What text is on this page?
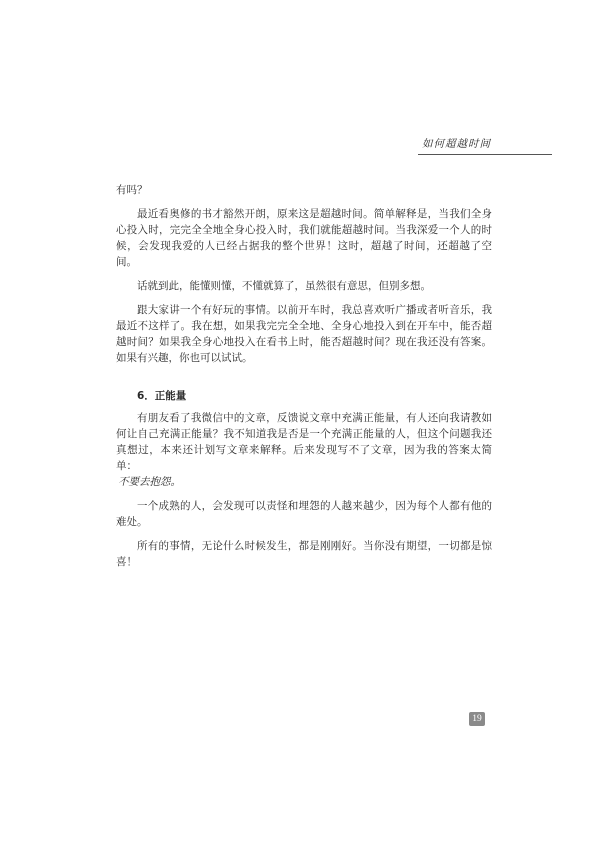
如何超越时间

有吗？

最近看奥修的书才豁然开朗，原来这是超越时间。简单解释是，当我们全身心投入时，完完全全地全身心投入时，我们就能超越时间。当我深爱一个人的时候，会发现我爱的人已经占据我的整个世界！这时，超越了时间，还超越了空间。

话就到此，能懂则懂，不懂就算了，虽然很有意思，但别多想。

跟大家讲一个有好玩的事情。以前开车时，我总喜欢听广播或者听音乐，我最近不这样了。我在想，如果我完完全全地、全身心地投入到在开车中，能否超越时间？如果我全身心地投入在看书上时，能否超越时间？现在我还没有答案。如果有兴趣，你也可以试试。

6．正能量

有朋友看了我微信中的文章，反馈说文章中充满正能量，有人还向我请教如何让自己充满正能量？我不知道我是否是一个充满正能量的人，但这个问题我还真想过，本来还计划写文章来解释。后来发现写不了文章，因为我的答案太简单：

不要去抱怨。

一个成熟的人，会发现可以责怪和埋怨的人越来越少，因为每个人都有他的难处。

所有的事情，无论什么时候发生，都是刚刚好。当你没有期望，一切都是惊喜！

19
